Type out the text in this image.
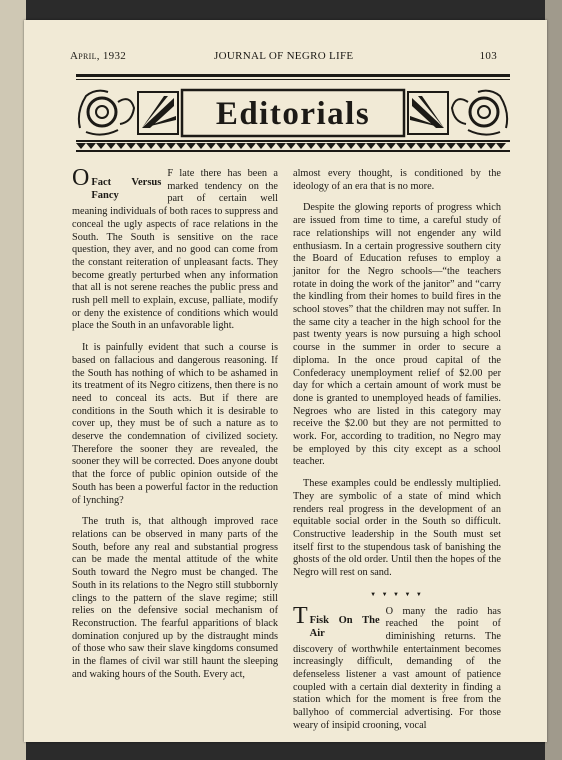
April, 1932	JOURNAL OF NEGRO LIFE	103
Editorials

O Fact Versus Fancy
F late there has been a marked tendency on the part of certain well meaning individuals of both races to suppress and conceal the ugly aspects of race relations in the South. The South is sensitive on the race question, they aver, and no good can come from the constant reiteration of unpleasant facts. They become greatly perturbed when any information that all is not serene reaches the public press and rush pell mell to explain, excuse, palliate, modify or deny the existence of conditions which would place the South in an unfavorable light.

It is painfully evident that such a course is based on fallacious and dangerous reasoning. If the South has nothing of which to be ashamed in its treatment of its Negro citizens, then there is no need to conceal its acts. But if there are conditions in the South which it is desirable to cover up, they must be of such a nature as to deserve the condemnation of civilized society. Therefore the sooner they are revealed, the sooner they will be corrected. Does anyone doubt that the force of public opinion outside of the South has been a powerful factor in the reduction of lynching?

The truth is, that although improved race relations can be observed in many parts of the South, before any real and substantial progress can be made the mental attitude of the white South toward the Negro must be changed. The South in its relations to the Negro still stubbornly clings to the pattern of the slave regime; still relies on the defensive social mechanism of Reconstruction. The fearful apparitions of black domination conjured up by the distraught minds of those who saw their slave kingdoms consumed in the flames of civil war still haunt the sleeping and waking hours of the South. Every act,

almost every thought, is conditioned by the ideology of an era that is no more.

Despite the glowing reports of progress which are issued from time to time, a careful study of race relationships will not engender any wild enthusiasm. In a certain progressive southern city the Board of Education refuses to employ a janitor for the Negro schools—“the teachers rotate in doing the work of the janitor” and “carry the kindling from their homes to build fires in the school stoves” that the children may not suffer. In the same city a teacher in the high school for the past twenty years is now pursuing a high school course in the summer in order to secure a diploma. In the once proud capital of the Confederacy unemployment relief of $2.00 per day for which a certain amount of work must be done is granted to unemployed heads of families. Negroes who are listed in this category may receive the $2.00 but they are not permitted to work. For, according to tradition, no Negro may be employed by this city except as a school teacher.

These examples could be endlessly multiplied. They are symbolic of a state of mind which renders real progress in the development of an equitable social order in the South so difficult. Constructive leadership in the South must set itself first to the stupendous task of banishing the ghosts of the old order. Until then the hopes of the Negro will rest on sand.

▼ ▼ ▼ ▼ ▼

T Fisk On The Air
O many the radio has reached the point of diminishing returns. The discovery of worthwhile entertainment becomes increasingly difficult, demanding of the defenseless listener a vast amount of patience coupled with a certain dial dexterity in finding a station which for the moment is free from the ballyhoo of commercial advertising. For those weary of insipid crooning, vocal
